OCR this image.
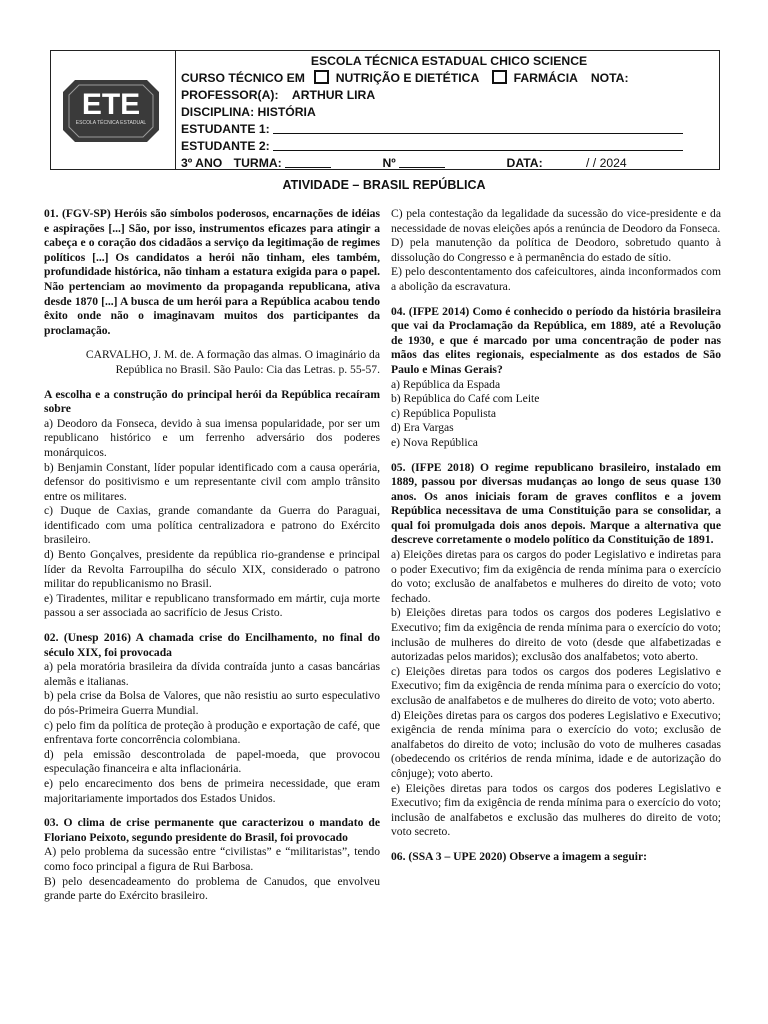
ETE
ESCOLA TÉCNICA ESTADUAL
ESCOLA TÉCNICA ESTADUAL CHICO SCIENCE
CURSO TÉCNICO EM	NUTRIÇÃO E DIETÉTICA	FARMÁCIA NOTA:
PROFESSOR(A): ARTHUR LIRA
DISCIPLINA: HISTÓRIA
ESTUDANTE 1:
ESTUDANTE 2:
3º ANO TURMA:	Nº	DATA:	/ / 2024
ATIVIDADE – BRASIL REPÚBLICA

01. (FGV-SP) Heróis são símbolos poderosos, encarnações de idéias e aspirações [...] São, por isso, instrumentos eficazes para atingir a cabeça e o coração dos cidadãos a serviço da legitimação de regimes políticos [...] Os candidatos a herói não tinham, eles também, profundidade histórica, não tinham a estatura exigida para o papel. Não pertenciam ao movimento da propaganda republicana, ativa desde 1870 [...] A busca de um herói para a República acabou tendo êxito onde não o imaginavam muitos dos participantes da proclamação.

CARVALHO, J. M. de. A formação das almas. O imaginário da República no Brasil. São Paulo: Cia das Letras. p. 55-57.

A escolha e a construção do principal herói da República recaíram sobre

a) Deodoro da Fonseca, devido à sua imensa popularidade, por ser um republicano histórico e um ferrenho adversário dos poderes monárquicos.

b) Benjamin Constant, líder popular identificado com a causa operária, defensor do positivismo e um representante civil com amplo trânsito entre os militares.

c) Duque de Caxias, grande comandante da Guerra do Paraguai, identificado com uma política centralizadora e patrono do Exército brasileiro.

d) Bento Gonçalves, presidente da república rio-grandense e principal líder da Revolta Farroupilha do século XIX, considerado o patrono militar do republicanismo no Brasil.

e) Tiradentes, militar e republicano transformado em mártir, cuja morte passou a ser associada ao sacrifício de Jesus Cristo.

02. (Unesp 2016) A chamada crise do Encilhamento, no final do século XIX, foi provocada

a) pela moratória brasileira da dívida contraída junto a casas bancárias alemãs e italianas.

b) pela crise da Bolsa de Valores, que não resistiu ao surto especulativo do pós-Primeira Guerra Mundial.

c) pelo fim da política de proteção à produção e exportação de café, que enfrentava forte concorrência colombiana.

d) pela emissão descontrolada de papel-moeda, que provocou especulação financeira e alta inflacionária.

e) pelo encarecimento dos bens de primeira necessidade, que eram majoritariamente importados dos Estados Unidos.

03. O clima de crise permanente que caracterizou o mandato de Floriano Peixoto, segundo presidente do Brasil, foi provocado

A) pelo problema da sucessão entre “civilistas” e “militaristas”, tendo como foco principal a figura de Rui Barbosa.

B) pelo desencadeamento do problema de Canudos, que envolveu grande parte do Exército brasileiro.

C) pela contestação da legalidade da sucessão do vice-presidente e da necessidade de novas eleições após a renúncia de Deodoro da Fonseca.

D) pela manutenção da política de Deodoro, sobretudo quanto à dissolução do Congresso e à permanência do estado de sítio.

E) pelo descontentamento dos cafeicultores, ainda inconformados com a abolição da escravatura.

04. (IFPE 2014) Como é conhecido o período da história brasileira que vai da Proclamação da República, em 1889, até a Revolução de 1930, e que é marcado por uma concentração de poder nas mãos das elites regionais, especialmente as dos estados de São Paulo e Minas Gerais?

a) República da Espada

b) República do Café com Leite

c) República Populista

d) Era Vargas

e) Nova República

05. (IFPE 2018) O regime republicano brasileiro, instalado em 1889, passou por diversas mudanças ao longo de seus quase 130 anos. Os anos iniciais foram de graves conflitos e a jovem República necessitava de uma Constituição para se consolidar, a qual foi promulgada dois anos depois. Marque a alternativa que descreve corretamente o modelo político da Constituição de 1891.

a) Eleições diretas para os cargos do poder Legislativo e indiretas para o poder Executivo; fim da exigência de renda mínima para o exercício do voto; exclusão de analfabetos e mulheres do direito de voto; voto fechado.

b) Eleições diretas para todos os cargos dos poderes Legislativo e Executivo; fim da exigência de renda mínima para o exercício do voto; inclusão de mulheres do direito de voto (desde que alfabetizadas e autorizadas pelos maridos); exclusão dos analfabetos; voto aberto.

c) Eleições diretas para todos os cargos dos poderes Legislativo e Executivo; fim da exigência de renda mínima para o exercício do voto; exclusão de analfabetos e de mulheres do direito de voto; voto aberto.

d) Eleições diretas para os cargos dos poderes Legislativo e Executivo; exigência de renda mínima para o exercício do voto; exclusão de analfabetos do direito de voto; inclusão do voto de mulheres casadas (obedecendo os critérios de renda mínima, idade e de autorização do cônjuge); voto aberto.

e) Eleições diretas para todos os cargos dos poderes Legislativo e Executivo; fim da exigência de renda mínima para o exercício do voto; inclusão de analfabetos e exclusão das mulheres do direito de voto; voto secreto.

06. (SSA 3 – UPE 2020) Observe a imagem a seguir:
